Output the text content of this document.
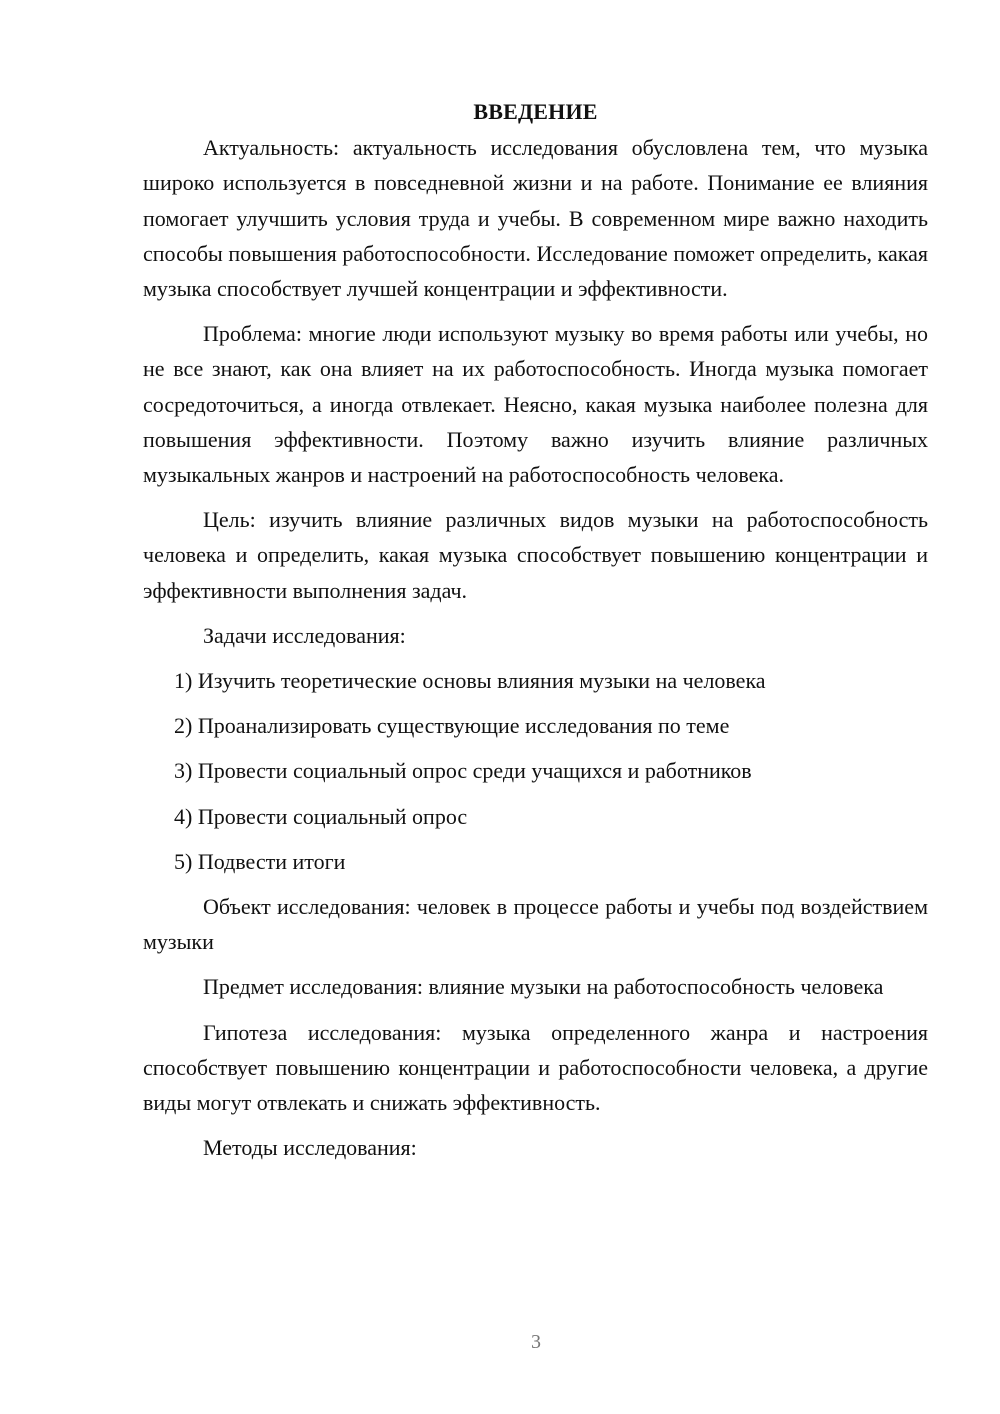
ВВЕДЕНИЕ

Актуальность: актуальность исследования обусловлена тем, что музыка широко используется в повседневной жизни и на работе. Понимание ее влияния помогает улучшить условия труда и учебы. В современном мире важно находить способы повышения работоспособности. Исследование поможет определить, какая музыка способствует лучшей концентрации и эффективности.

Проблема: многие люди используют музыку во время работы или учебы, но не все знают, как она влияет на их работоспособность. Иногда музыка помогает сосредоточиться, а иногда отвлекает. Неясно, какая музыка наиболее полезна для повышения эффективности. Поэтому важно изучить влияние различных музыкальных жанров и настроений на работоспособность человека.

Цель: изучить влияние различных видов музыки на работоспособность человека и определить, какая музыка способствует повышению концентрации и эффективности выполнения задач.

Задачи исследования:

1) Изучить теоретические основы влияния музыки на человека
2) Проанализировать существующие исследования по теме
3) Провести социальный опрос среди учащихся и работников
4) Провести социальный опрос
5) Подвести итоги

Объект исследования: человек в процессе работы и учебы под воздействием музыки

Предмет исследования: влияние музыки на работоспособность человека

Гипотеза исследования: музыка определенного жанра и настроения способствует повышению концентрации и работоспособности человека, а другие виды могут отвлекать и снижать эффективность.

Методы исследования:

3
